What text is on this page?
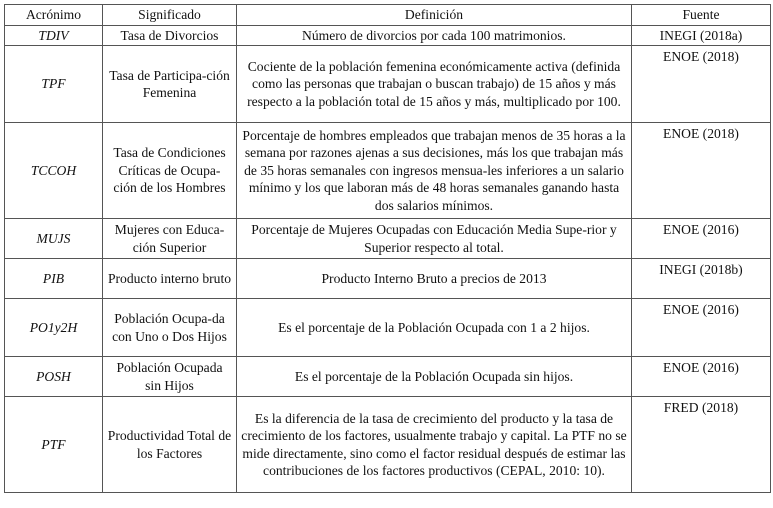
Acrónimo	Significado	Definición	Fuente
TDIV	Tasa de Divorcios	Número de divorcios por cada 100 matrimonios.	INEGI (2018a)
TPF	Tasa de Participa-ción Femenina	Cociente de la población femenina económicamente activa (definida como las personas que trabajan o buscan trabajo) de 15 años y más respecto a la población total de 15 años y más, multiplicado por 100.	ENOE (2018)
TCCOH	Tasa de Condiciones Críticas de Ocupa-ción de los Hombres	Porcentaje de hombres empleados que trabajan menos de 35 horas a la semana por razones ajenas a sus decisiones, más los que trabajan más de 35 horas semanales con ingresos mensua-les inferiores a un salario mínimo y los que laboran más de 48 horas semanales ganando hasta dos salarios mínimos.	ENOE (2018)
MUJS	Mujeres con Educa-ción Superior	Porcentaje de Mujeres Ocupadas con Educación Media Supe-rior y Superior respecto al total.	ENOE (2016)
PIB	Producto interno bruto	Producto Interno Bruto a precios de 2013	INEGI (2018b)
PO1y2H	Población Ocupa-da con Uno o Dos Hijos	Es el porcentaje de la Población Ocupada con 1 a 2 hijos.	ENOE (2016)
POSH	Población Ocupada sin Hijos	Es el porcentaje de la Población Ocupada sin hijos.	ENOE (2016)
PTF	Productividad Total de los Factores	Es la diferencia de la tasa de crecimiento del producto y la tasa de crecimiento de los factores, usualmente trabajo y capital. La PTF no se mide directamente, sino como el factor residual después de estimar las contribuciones de los factores productivos (CEPAL, 2010: 10).	FRED (2018)
